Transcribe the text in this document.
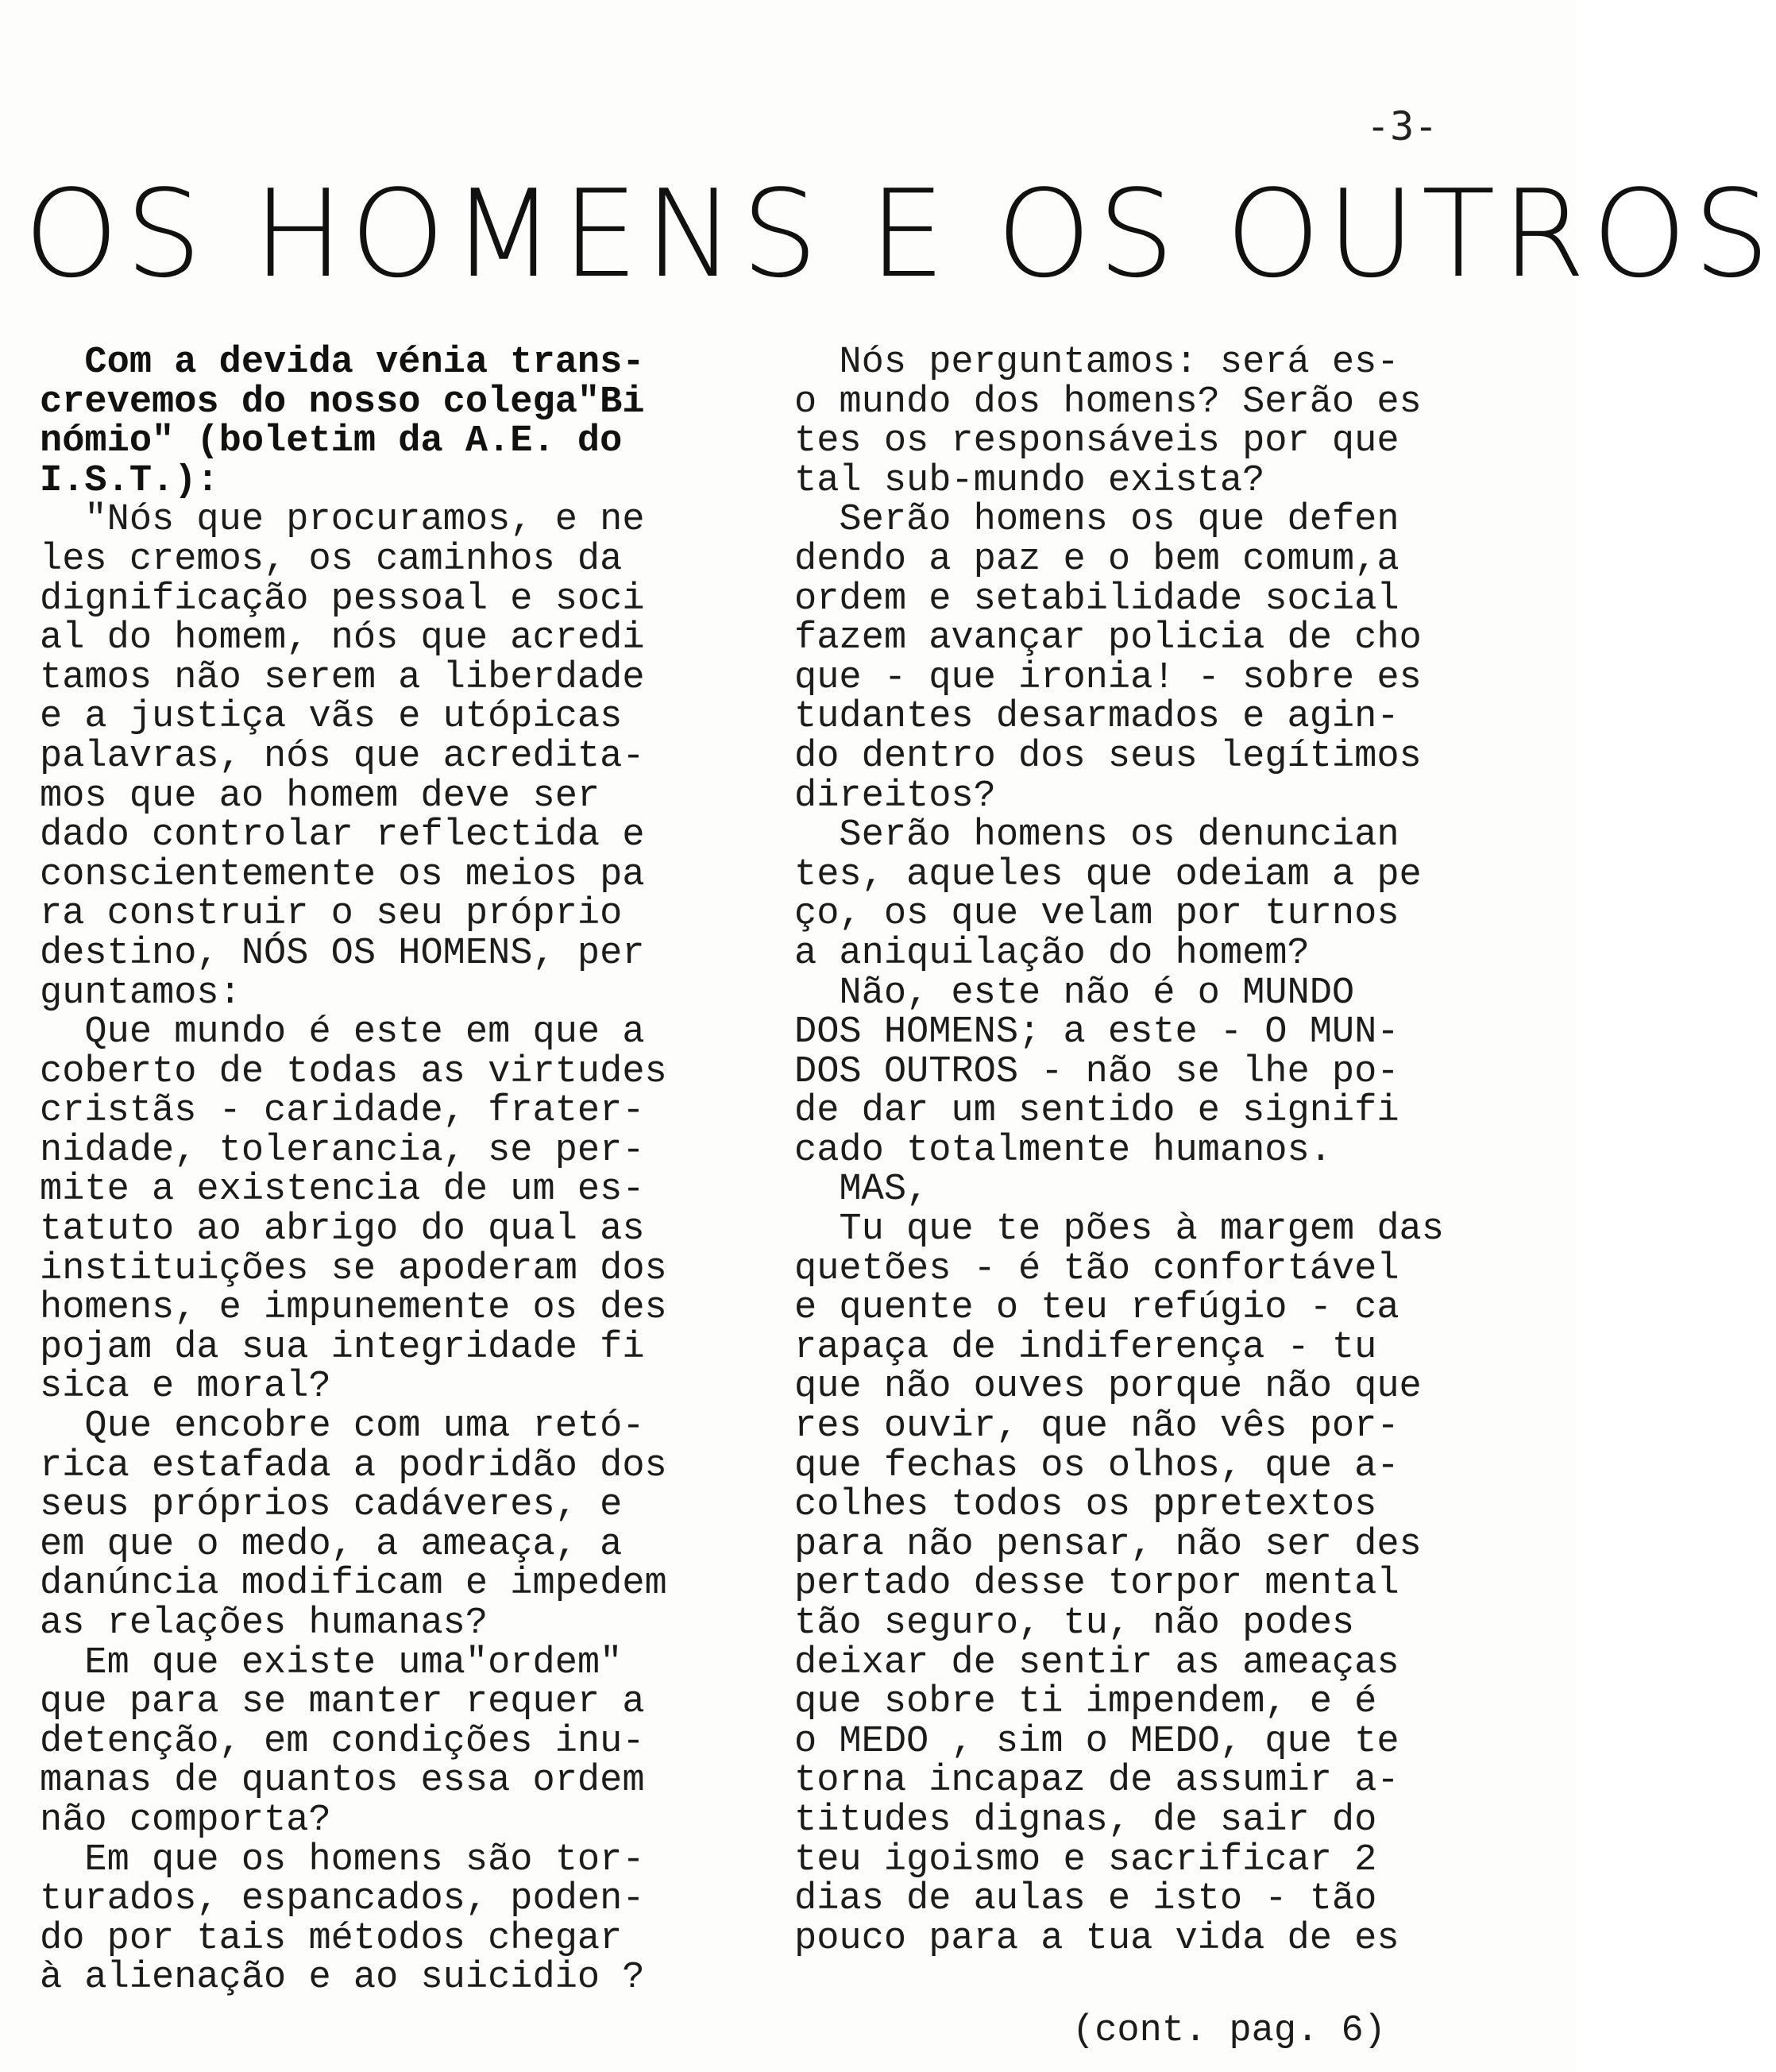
-3-
OS HOMENS E OS OUTROS
Com a devida vénia trans-
crevemos do nosso colega"Bi
nómio" (boletim da A.E. do
I.S.T.):
"Nós que procuramos, e ne
les cremos, os caminhos da
dignificação pessoal e soci
al do homem, nós que acredi
tamos não serem a liberdade
e a justiça vãs e utópicas
palavras, nós que acredita-
mos que ao homem deve ser
dado controlar reflectida e
conscientemente os meios pa
ra construir o seu próprio
destino, NÓS OS HOMENS, per
guntamos:
Que mundo é este em que a
coberto de todas as virtudes
cristãs - caridade, frater-
nidade, tolerancia, se per-
mite a existencia de um es-
tatuto ao abrigo do qual as
instituições se apoderam dos
homens, e impunemente os des
pojam da sua integridade fi
sica e moral?
Que encobre com uma retó-
rica estafada a podridão dos
seus próprios cadáveres, e
em que o medo, a ameaça, a
danúncia modificam e impedem
as relações humanas?
Em que existe uma"ordem"
que para se manter requer a
detenção, em condições inu-
manas de quantos essa ordem
não comporta?
Em que os homens são tor-
turados, espancados, poden-
do por tais métodos chegar
à alienação e ao suicidio ?
Nós perguntamos: será es-
o mundo dos homens? Serão es
tes os responsáveis por que
tal sub-mundo exista?
Serão homens os que defen
dendo a paz e o bem comum,a
ordem e setabilidade social
fazem avançar policia de cho
que - que ironia! - sobre es
tudantes desarmados e agin-
do dentro dos seus legítimos
direitos?
Serão homens os denuncian
tes, aqueles que odeiam a pe
ço, os que velam por turnos
a aniquilação do homem?
Não, este não é o MUNDO
DOS HOMENS; a este - O MUN-
DOS OUTROS - não se lhe po-
de dar um sentido e signifi
cado totalmente humanos.
MAS,
Tu que te pões à margem das
quetões - é tão confortável
e quente o teu refúgio - ca
rapaça de indiferença - tu
que não ouves porque não que
res ouvir, que não vês por-
que fechas os olhos, que a-
colhes todos os ppretextos
para não pensar, não ser des
pertado desse torpor mental
tão seguro, tu, não podes
deixar de sentir as ameaças
que sobre ti impendem, e é
o MEDO , sim o MEDO, que te
torna incapaz de assumir a-
titudes dignas, de sair do
teu igoismo e sacrificar 2
dias de aulas e isto - tão
pouco para a tua vida de es
(cont. pag. 6)
